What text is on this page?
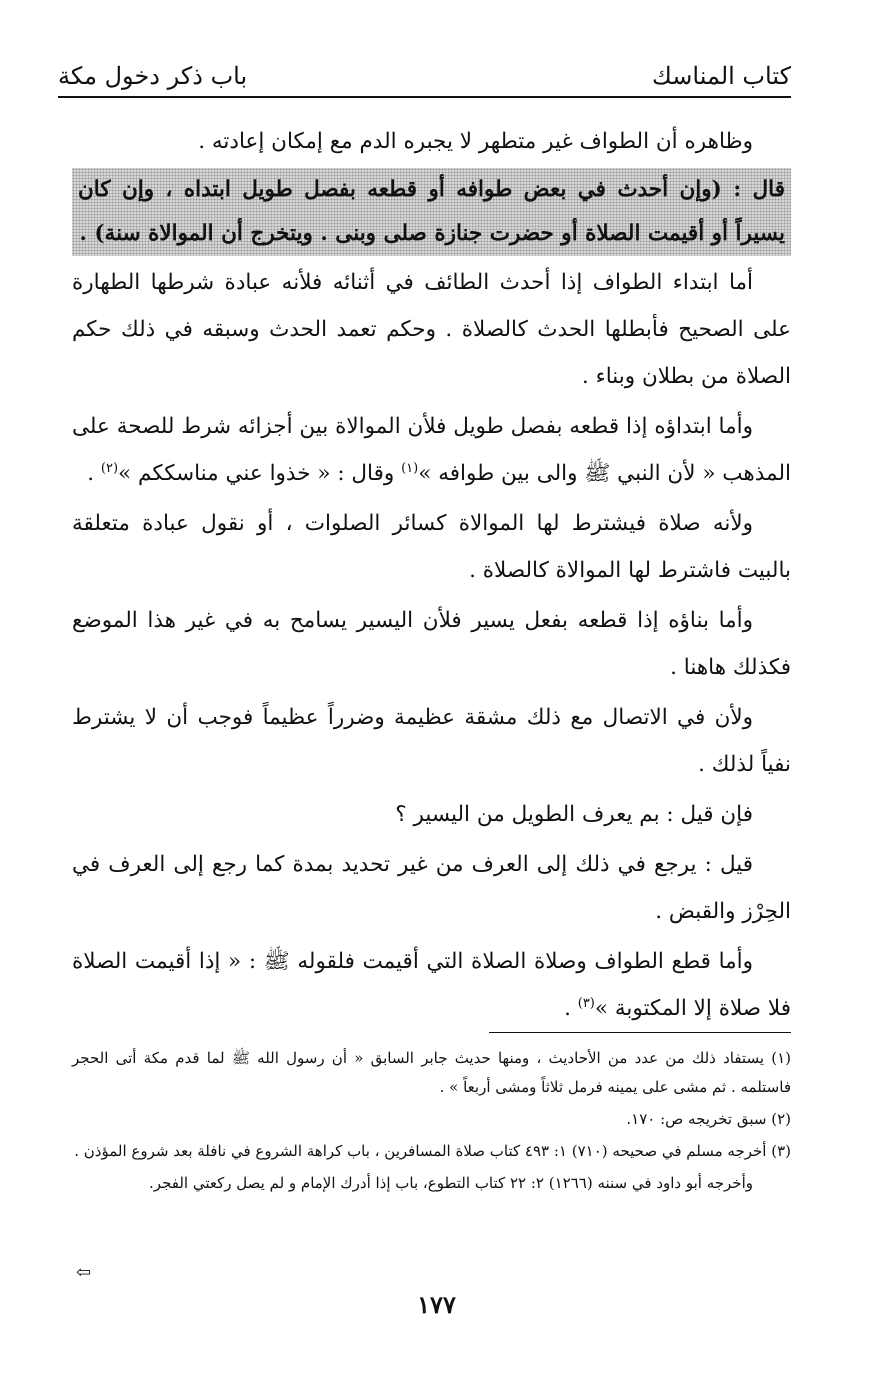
كتاب المناسك
باب ذكر دخول مكة

وظاهره أن الطواف غير متطهر لا يجبره الدم مع إمكان إعادته .

قال : (وإن أحدث في بعض طوافه أو قطعه بفصل طويل ابتداه ، وإن كان يسيراً أو أقيمت الصلاة أو حضرت جنازة صلى وبنى . ويتخرج أن الموالاة سنة) .

أما ابتداء الطواف إذا أحدث الطائف في أثنائه فلأنه عبادة شرطها الطهارة على الصحيح فأبطلها الحدث كالصلاة . وحكم تعمد الحدث وسبقه في ذلك حكم الصلاة من بطلان وبناء .

وأما ابتداؤه إذا قطعه بفصل طويل فلأن الموالاة بين أجزائه شرط للصحة على المذهب « لأن النبي ﷺ والى بين طوافه »$^{(١)}$ وقال : « خذوا عني مناسككم »$^{(٢)}$ .

ولأنه صلاة فيشترط لها الموالاة كسائر الصلوات ، أو نقول عبادة متعلقة بالبيت فاشترط لها الموالاة كالصلاة .

وأما بناؤه إذا قطعه بفعل يسير فلأن اليسير يسامح به في غير هذا الموضع فكذلك هاهنا .

ولأن في الاتصال مع ذلك مشقة عظيمة وضرراً عظيماً فوجب أن لا يشترط نفياً لذلك .

فإن قيل : بم يعرف الطويل من اليسير ؟

قيل : يرجع في ذلك إلى العرف من غير تحديد بمدة كما رجع إلى العرف في الحِرْز والقبض .

وأما قطع الطواف وصلاة الصلاة التي أقيمت فلقوله ﷺ : « إذا أقيمت الصلاة فلا صلاة إلا المكتوبة »$^{(٣)}$ .

(١) يستفاد ذلك من عدد من الأحاديث ، ومنها حديث جابر السابق « أن رسول الله ﷺ لما قدم مكة أتى الحجر فاستلمه . ثم مشى على يمينه فرمل ثلاثاً ومشى أربعاً » .

(٢) سبق تخريجه ص: ١٧٠.

(٣) أخرجه مسلم في صحيحه (٧١٠) ١: ٤٩٣ كتاب صلاة المسافرين ، باب كراهة الشروع في نافلة بعد شروع المؤذن .

وأخرجه أبو داود في سننه (١٢٦٦) ٢: ٢٢ كتاب التطوع، باب إذا أدرك الإمام و لم يصل ركعتي الفجر.

⇦
١٧٧
